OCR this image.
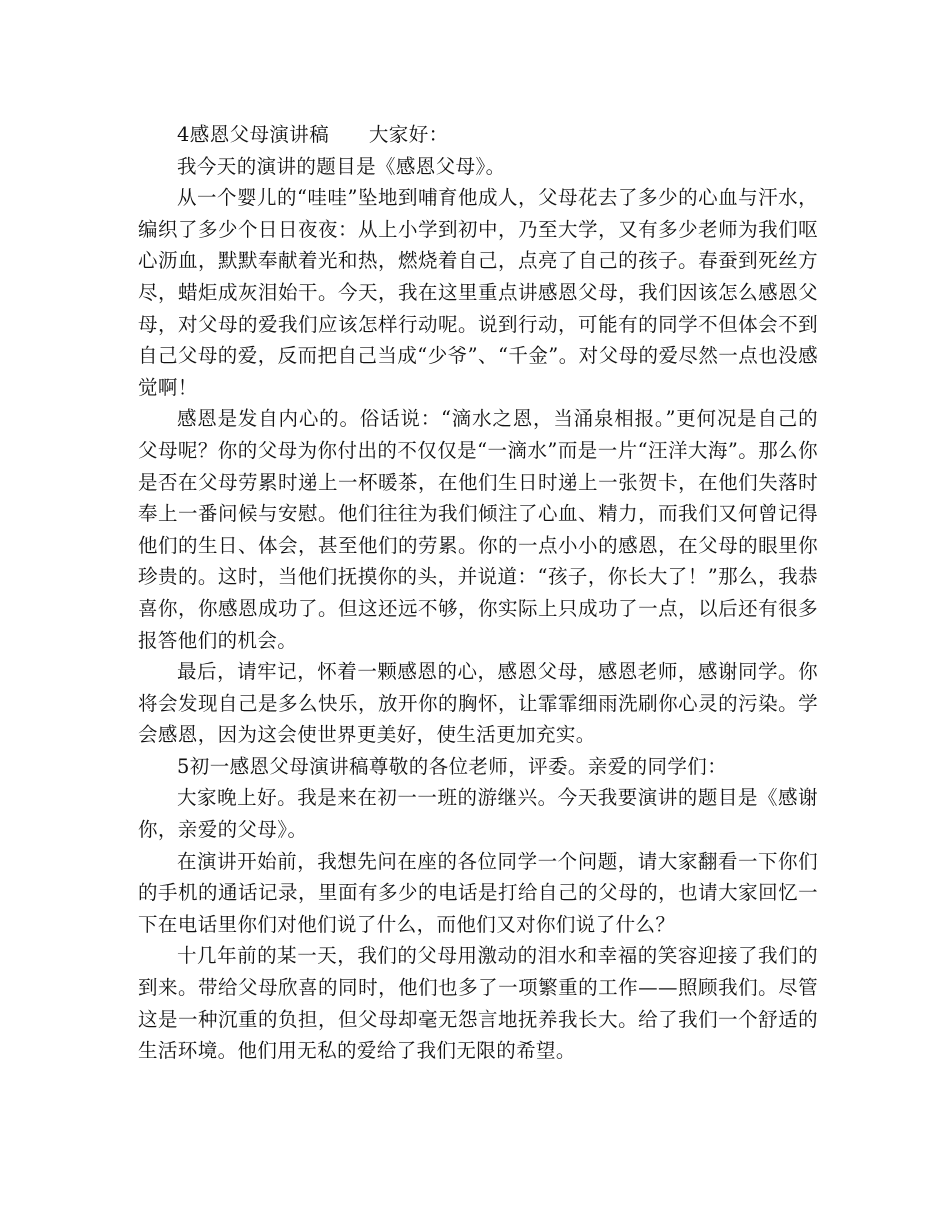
4感恩父母演讲稿　　大家好：

我今天的演讲的题目是《感恩父母》。

从一个婴儿的“哇哇”坠地到哺育他成人，父母花去了多少的心血与汗水，编织了多少个日日夜夜：从上小学到初中，乃至大学，又有多少老师为我们呕心沥血，默默奉献着光和热，燃烧着自己，点亮了自己的孩子。春蚕到死丝方尽，蜡炬成灰泪始干。今天，我在这里重点讲感恩父母，我们因该怎么感恩父母，对父母的爱我们应该怎样行动呢。说到行动，可能有的同学不但体会不到自己父母的爱，反而把自己当成“少爷”、“千金”。对父母的爱尽然一点也没感觉啊！

感恩是发自内心的。俗话说：“滴水之恩，当涌泉相报。”更何况是自己的父母呢？你的父母为你付出的不仅仅是“一滴水”而是一片“汪洋大海”。那么你是否在父母劳累时递上一杯暖茶，在他们生日时递上一张贺卡，在他们失落时奉上一番问候与安慰。他们往往为我们倾注了心血、精力，而我们又何曾记得他们的生日、体会，甚至他们的劳累。你的一点小小的感恩，在父母的眼里你珍贵的。这时，当他们抚摸你的头，并说道：“孩子，你长大了！”那么，我恭喜你，你感恩成功了。但这还远不够，你实际上只成功了一点，以后还有很多报答他们的机会。

最后，请牢记，怀着一颗感恩的心，感恩父母，感恩老师，感谢同学。你将会发现自己是多么快乐，放开你的胸怀，让霏霏细雨洗刷你心灵的污染。学会感恩，因为这会使世界更美好，使生活更加充实。

5初一感恩父母演讲稿尊敬的各位老师，评委。亲爱的同学们：

大家晚上好。我是来在初一一班的游继兴。今天我要演讲的题目是《感谢你，亲爱的父母》。

在演讲开始前，我想先问在座的各位同学一个问题，请大家翻看一下你们的手机的通话记录，里面有多少的电话是打给自己的父母的，也请大家回忆一下在电话里你们对他们说了什么，而他们又对你们说了什么？

十几年前的某一天，我们的父母用激动的泪水和幸福的笑容迎接了我们的到来。带给父母欣喜的同时，他们也多了一项繁重的工作——照顾我们。尽管这是一种沉重的负担，但父母却毫无怨言地抚养我长大。给了我们一个舒适的生活环境。他们用无私的爱给了我们无限的希望。
